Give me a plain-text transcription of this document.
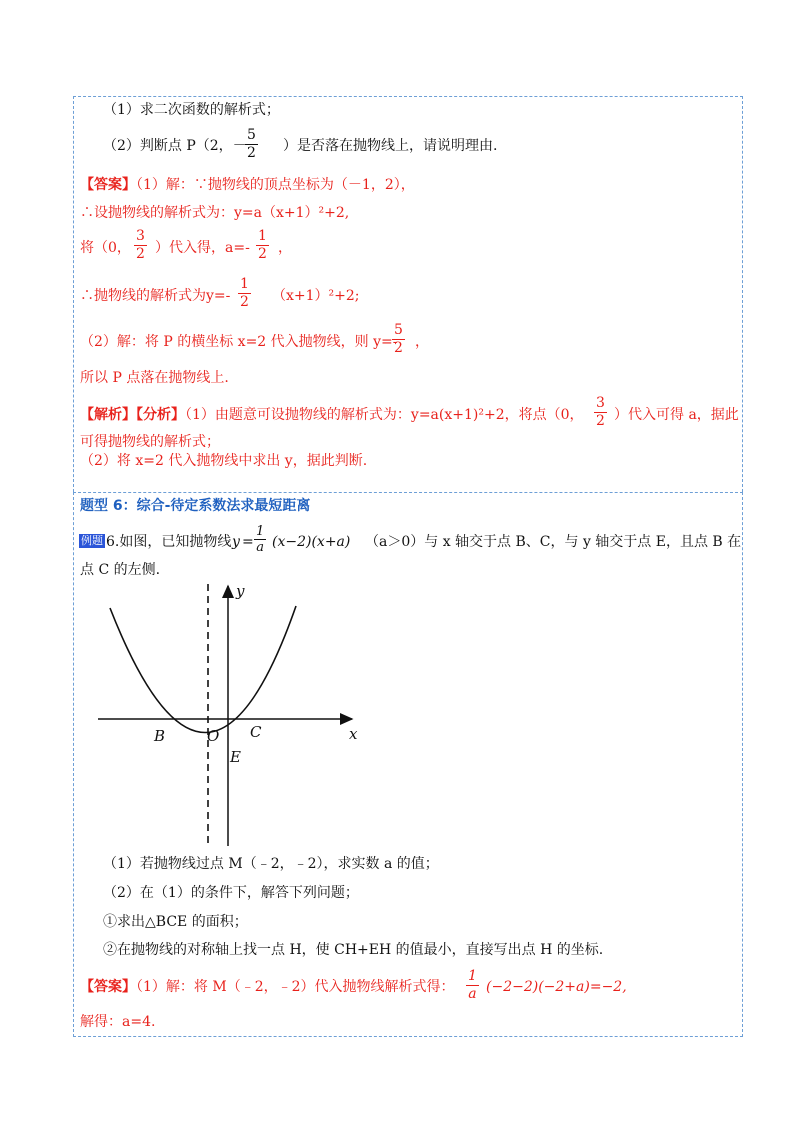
（1）求二次函数的解析式；
（2）判断点 P（2，－
5
2 ）是否落在抛物线上，请说明理由.
【答案】（1）解：∵抛物线的顶点坐标为（－1，2），
∴设抛物线的解析式为：y=a（x+1）²+2,
将（0，
3
2 ）代入得，a=-
1
2 ，
∴抛物线的解析式为y=-
1
2 （x+1）²+2;
（2）解：将 P 的横坐标 x=2 代入抛物线，则 y=-
5
2 ，
所以 P 点落在抛物线上.
【解析】【分析】（1）由题意可设抛物线的解析式为：y=a(x+1)²+2，将点（0，
3
2 ）代入可得 a，据此
可得抛物线的解析式；
（2）将 x=2 代入抛物线中求出 y，据此判断.
题型 6：综合-待定系数法求最短距离
例题 6.如图，已知抛物线 y =
1
a (x−2)(x+a) （a＞0）与 x 轴交于点 B、C，与 y 轴交于点 E，且点 B 在
点 C 的左侧.
y
x
B	O C
E
（1）若抛物线过点 M（﹣2，﹣2），求实数 a 的值；
（2）在（1）的条件下，解答下列问题；
①求出△BCE 的面积；
②在抛物线的对称轴上找一点 H，使 CH+EH 的值最小，直接写出点 H 的坐标.
【答案】（1）解：将 M（﹣2，﹣2）代入抛物线解析式得：
1
a (−2−2)(−2+a)=−2,
解得：a=4.
